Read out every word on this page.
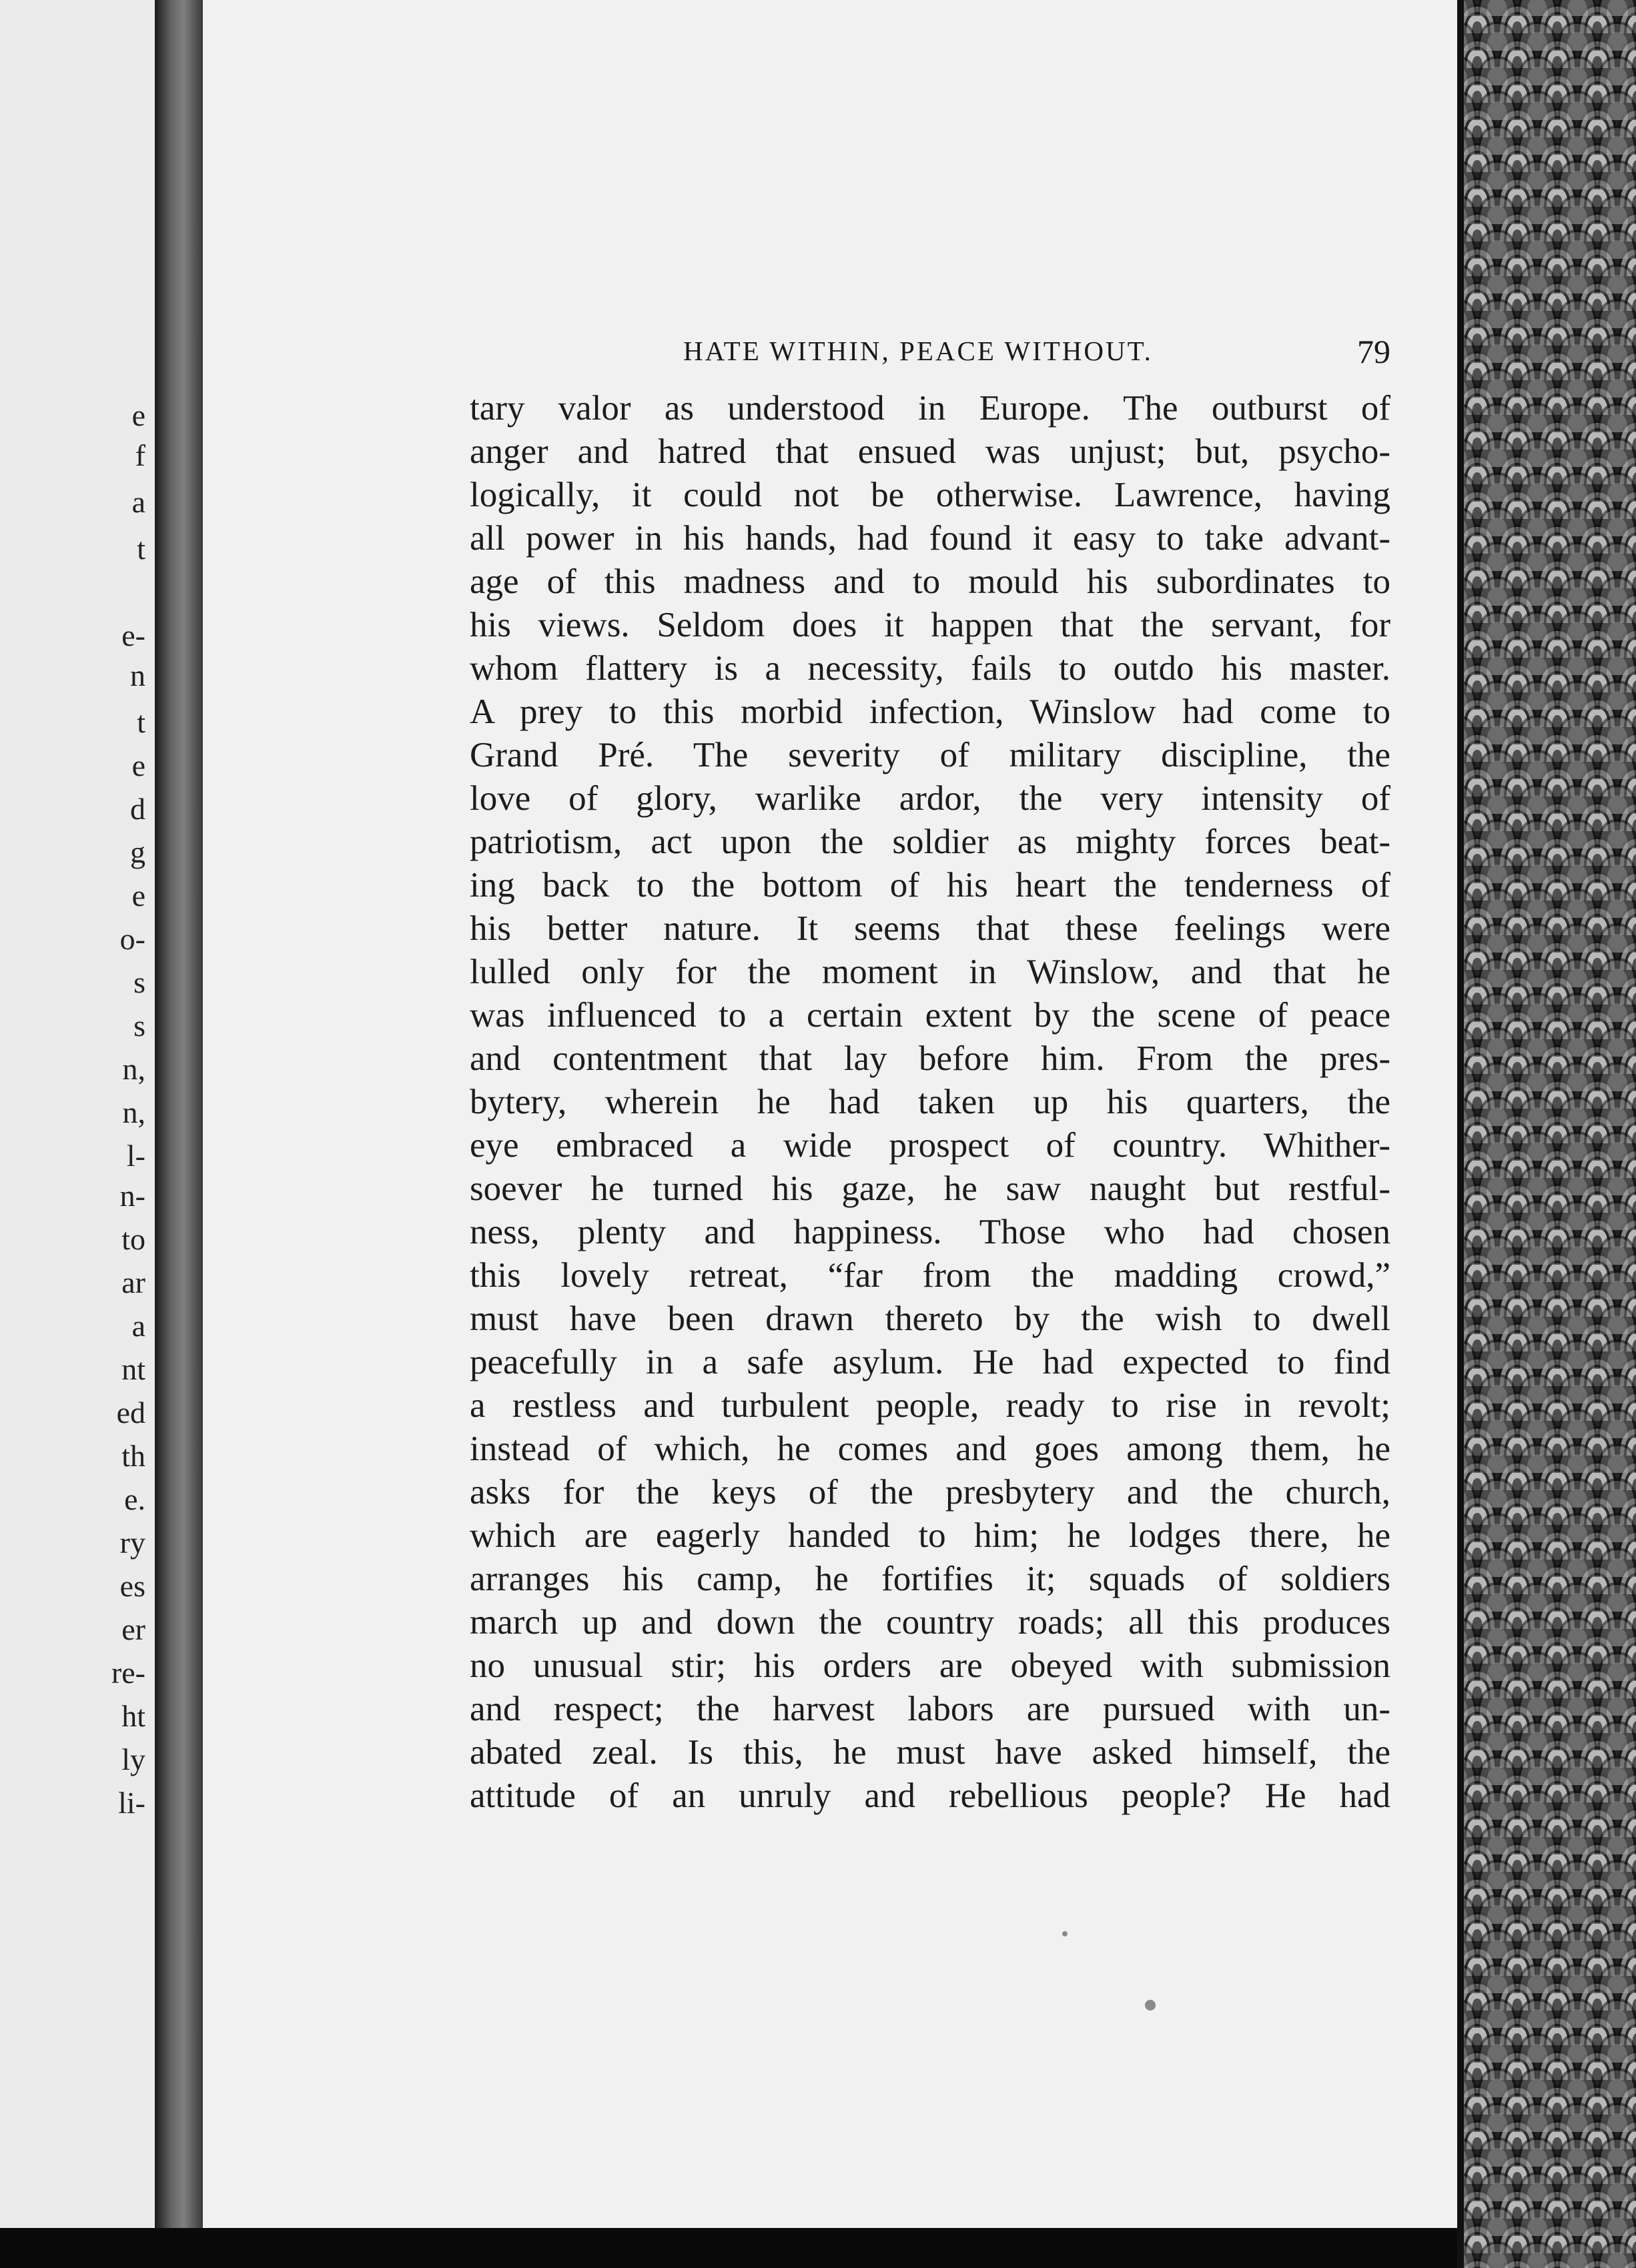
e
f
a
t
e-
n
t
e
d
g
e
o-
s
s
n,
n,
l-
n-
to
ar
a
nt
ed
th
e.
ry
es
er
re-
ht
ly
li-
HATE WITHIN, PEACE WITHOUT.	79
tary valor as understood in Europe. The outburst of
anger and hatred that ensued was unjust; but, psycho-
logically, it could not be otherwise. Lawrence, having
all power in his hands, had found it easy to take advant-
age of this madness and to mould his subordinates to
his views. Seldom does it happen that the servant, for
whom flattery is a necessity, fails to outdo his master.
A prey to this morbid infection, Winslow had come to
Grand Pré. The severity of military discipline, the
love of glory, warlike ardor, the very intensity of
patriotism, act upon the soldier as mighty forces beat-
ing back to the bottom of his heart the tenderness of
his better nature. It seems that these feelings were
lulled only for the moment in Winslow, and that he
was influenced to a certain extent by the scene of peace
and contentment that lay before him. From the pres-
bytery, wherein he had taken up his quarters, the
eye embraced a wide prospect of country. Whither-
soever he turned his gaze, he saw naught but restful-
ness, plenty and happiness. Those who had chosen
this lovely retreat, “far from the madding crowd,”
must have been drawn thereto by the wish to dwell
peacefully in a safe asylum. He had expected to find
a restless and turbulent people, ready to rise in revolt;
instead of which, he comes and goes among them, he
asks for the keys of the presbytery and the church,
which are eagerly handed to him; he lodges there, he
arranges his camp, he fortifies it; squads of soldiers
march up and down the country roads; all this produces
no unusual stir; his orders are obeyed with submission
and respect; the harvest labors are pursued with un-
abated zeal. Is this, he must have asked himself, the
attitude of an unruly and rebellious people? He had
